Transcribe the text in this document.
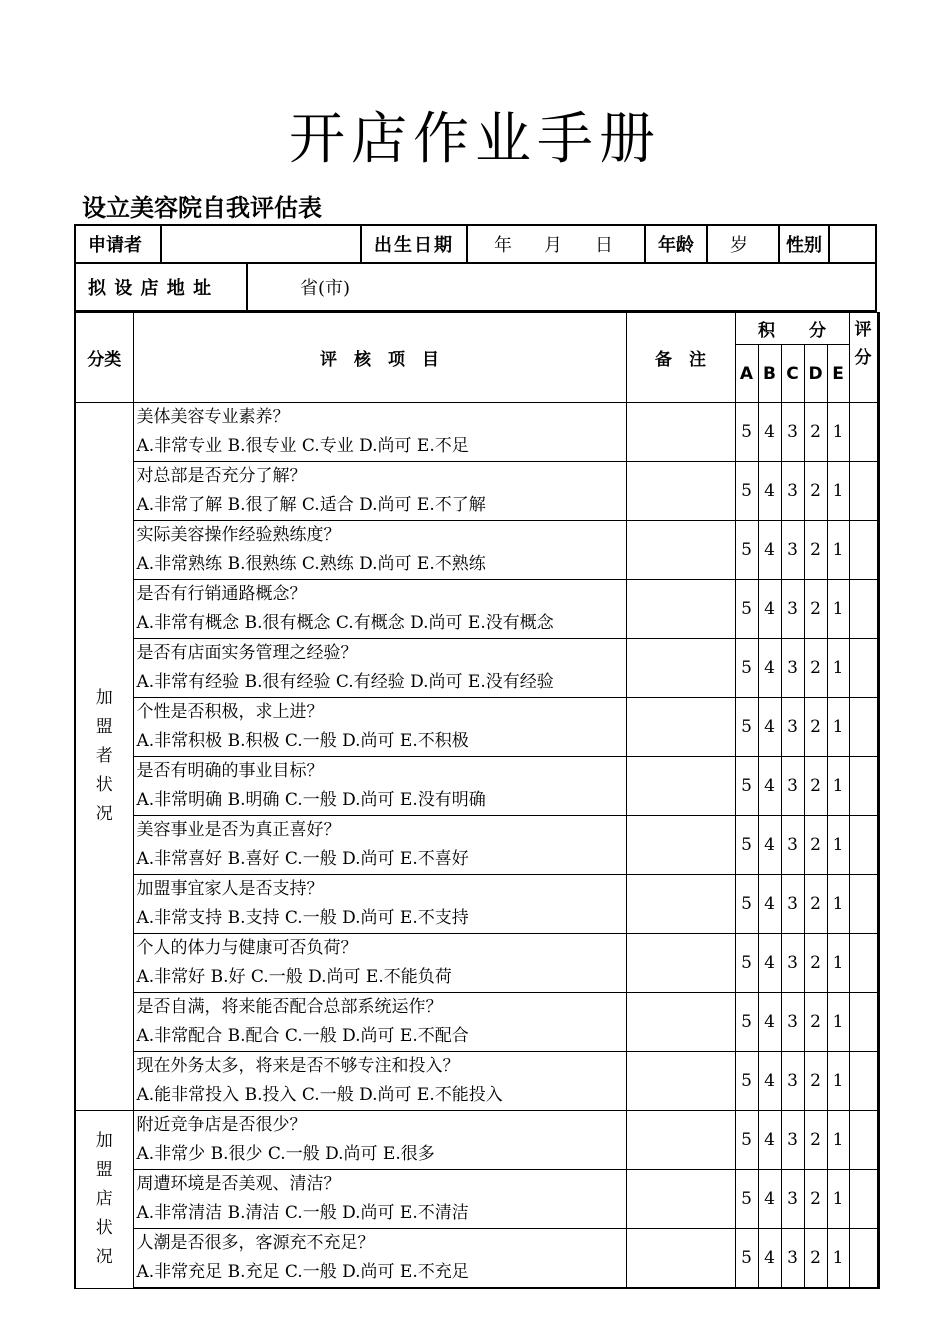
开店作业手册
设立美容院自我评估表
申请者	出生日期	年 月 日	年龄	岁	性别
拟 设 店 地 址	省(市)
分类	评　核　项　目	备　注	积　　分					评分
			A	B	C	D	E	

加盟者状况	美体美容专业素养？
A.非常专业 B.很专业 C.专业 D.尚可 E.不足		5	4	3	2	1	

	对总部是否充分了解？
A.非常了解 B.很了解 C.适合 D.尚可 E.不了解		5	4	3	2	1	

	实际美容操作经验熟练度？
A.非常熟练 B.很熟练 C.熟练 D.尚可 E.不熟练		5	4	3	2	1	

	是否有行销通路概念？
A.非常有概念 B.很有概念 C.有概念 D.尚可 E.没有概念		5	4	3	2	1	

	是否有店面实务管理之经验？
A.非常有经验 B.很有经验 C.有经验 D.尚可 E.没有经验		5	4	3	2	1	

	个性是否积极，求上进？
A.非常积极 B.积极 C.一般 D.尚可 E.不积极		5	4	3	2	1	

	是否有明确的事业目标？
A.非常明确 B.明确 C.一般 D.尚可 E.没有明确		5	4	3	2	1	

	美容事业是否为真正喜好？
A.非常喜好 B.喜好 C.一般 D.尚可 E.不喜好		5	4	3	2	1	

	加盟事宜家人是否支持？
A.非常支持 B.支持 C.一般 D.尚可 E.不支持		5	4	3	2	1	

	个人的体力与健康可否负荷？
A.非常好 B.好 C.一般 D.尚可 E.不能负荷		5	4	3	2	1	

	是否自满，将来能否配合总部系统运作？
A.非常配合 B.配合 C.一般 D.尚可 E.不配合		5	4	3	2	1	

	现在外务太多，将来是否不够专注和投入？
A.能非常投入 B.投入 C.一般 D.尚可 E.不能投入		5	4	3	2	1	

加盟店状况	附近竞争店是否很少？
A.非常少 B.很少 C.一般 D.尚可 E.很多		5	4	3	2	1	

	周遭环境是否美观、清洁？
A.非常清洁 B.清洁 C.一般 D.尚可 E.不清洁		5	4	3	2	1	

	人潮是否很多，客源充不充足？
A.非常充足 B.充足 C.一般 D.尚可 E.不充足		5	4	3	2	1	
